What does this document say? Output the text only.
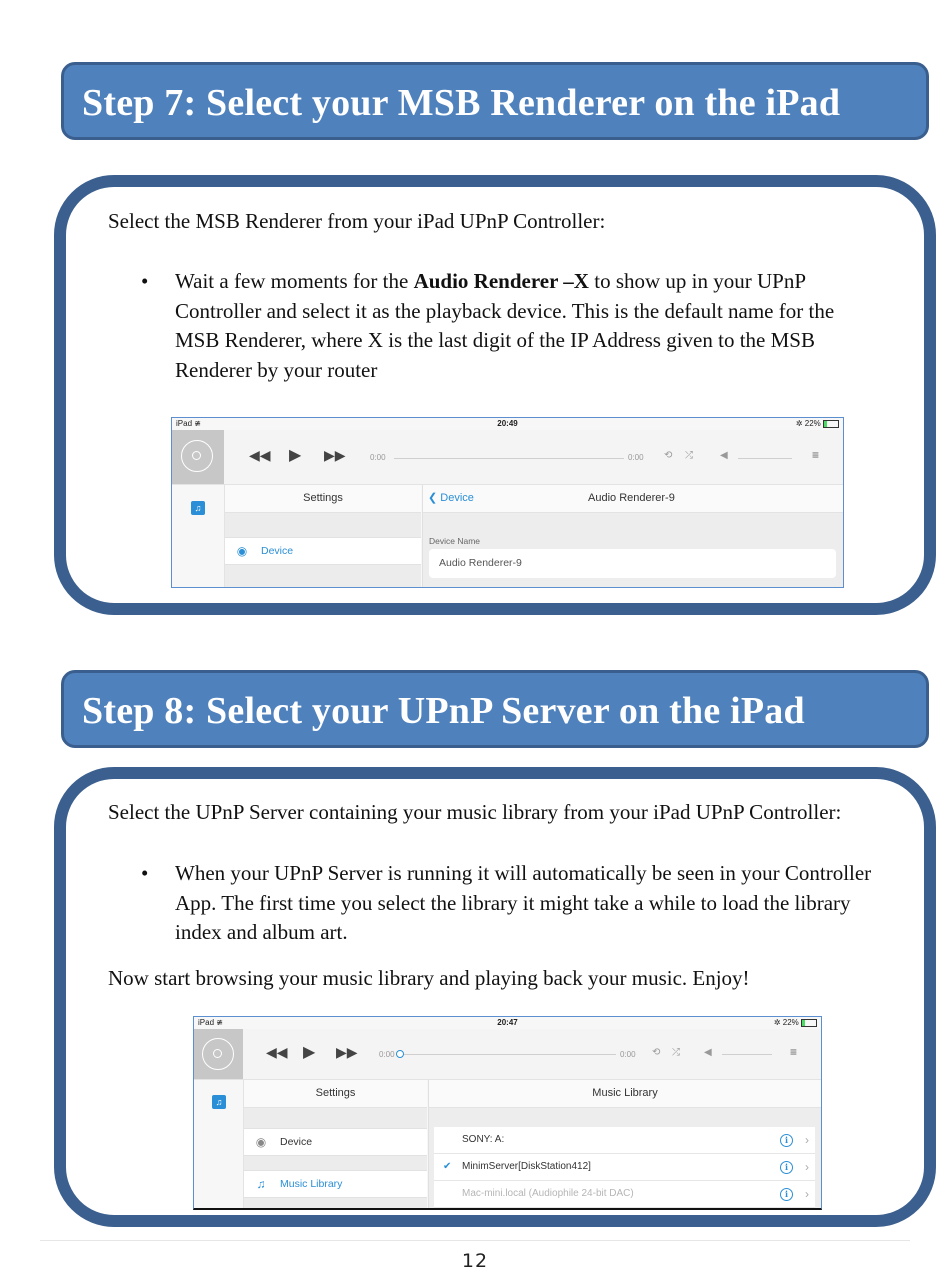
Step 7: Select your MSB Renderer on the iPad
Select the MSB Renderer from your iPad UPnP Controller:
• Wait a few moments for the Audio Renderer –X to show up in your UPnP Controller and select it as the playback device. This is the default name for the MSB Renderer, where X is the last digit of the IP Address given to the MSB Renderer by your router
iPad ≇	20:49	✲ 22%
◀◀ ▶ ▶▶	0:00	0:00 ⟲ ⤮	◀	≡
♫
Settings
◉ Device
❮ Device	Audio Renderer-9
Device Name
Audio Renderer-9
Step 8: Select your UPnP Server on the iPad
Select the UPnP Server containing your music library from your iPad UPnP Controller:
• When your UPnP Server is running it will automatically be seen in your Controller App. The first time you select the library it might take a while to load the library index and album art.
Now start browsing your music library and playing back your music. Enjoy!
iPad ≇	20:47	✲ 22%
◀◀ ▶ ▶▶	0:00	0:00 ⟲ ⤮ ◀	≡
♫
Settings
◉ Device
♫ Music Library
Music Library
SONY: A:	i	›
✔ MinimServer[DiskStation412]	i	›
Mac-mini.local (Audiophile 24-bit DAC)	i	›
12
